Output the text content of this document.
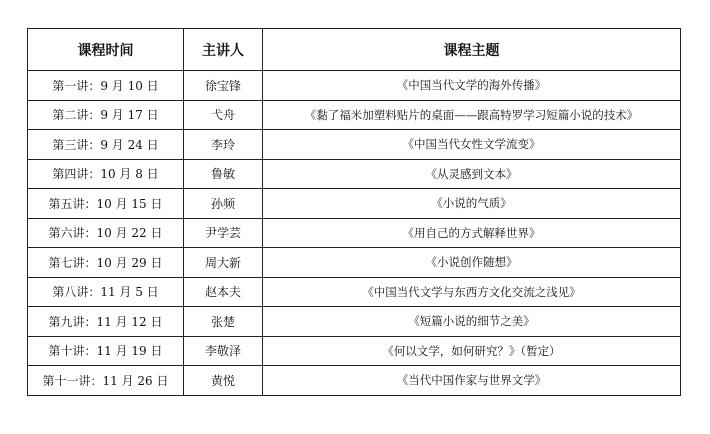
课程时间	主讲人	课程主题
第一讲：9 月 10 日	徐宝锋	《中国当代文学的海外传播》
第二讲：9 月 17 日	弋舟	《黏了福米加塑料贴片的桌面——跟高特罗学习短篇小说的技术》
第三讲：9 月 24 日	李玲	《中国当代女性文学流变》
第四讲：10 月 8 日	鲁敏	《从灵感到文本》
第五讲：10 月 15 日	孙频	《小说的气质》
第六讲：10 月 22 日	尹学芸	《用自己的方式解释世界》
第七讲：10 月 29 日	周大新	《小说创作随想》
第八讲：11 月 5 日	赵本夫	《中国当代文学与东西方文化交流之浅见》
第九讲：11 月 12 日	张楚	《短篇小说的细节之美》
第十讲：11 月 19 日	李敬泽	《何以文学，如何研究？》（暂定）
第十一讲：11 月 26 日	黄悦	《当代中国作家与世界文学》
